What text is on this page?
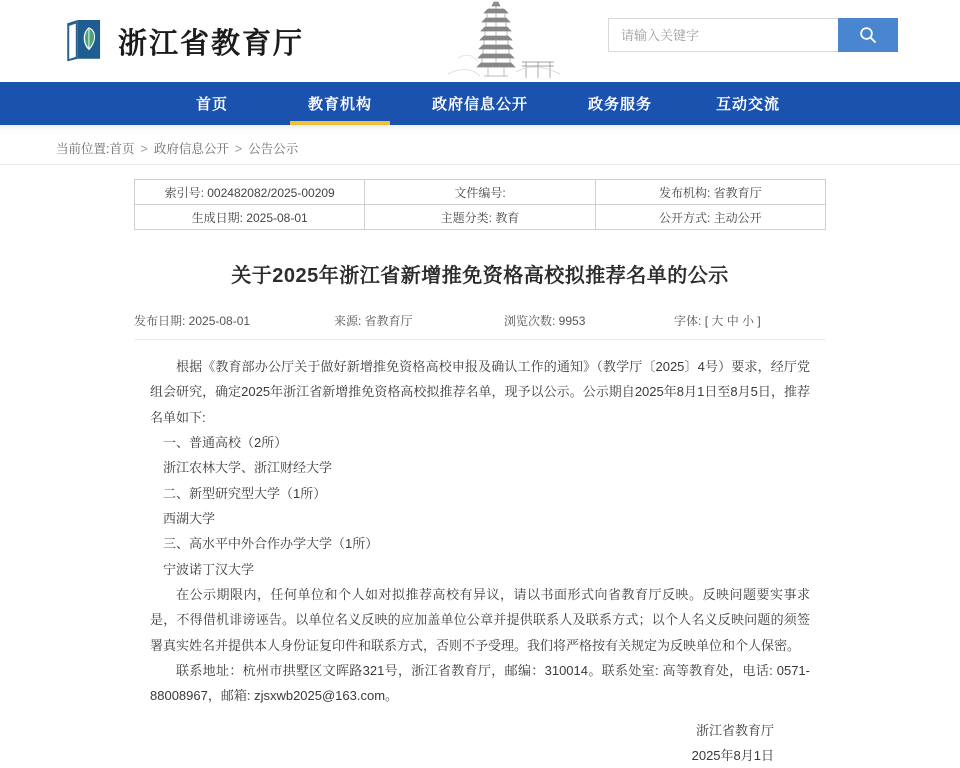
浙江省教育厅
请输入关键字
首页	教育机构	政府信息公开	政务服务	互动交流
当前位置:首页 > 政府信息公开 > 公告公示
索引号: 002482082/2025-00209	文件编号:	发布机构: 省教育厅
生成日期: 2025-08-01	主题分类: 教育	公开方式: 主动公开
关于2025年浙江省新增推免资格高校拟推荐名单的公示
发布日期: 2025-08-01	来源: 省教育厅	浏览次数: 9953	字体: [ 大 中 小 ]

根据《教育部办公厅关于做好新增推免资格高校申报及确认工作的通知》（教学厅〔2025〕4号）要求，经厅党组会研究，确定2025年浙江省新增推免资格高校拟推荐名单，现予以公示。公示期自2025年8月1日至8月5日，推荐名单如下:

一、普通高校（2所）

浙江农林大学、浙江财经大学

二、新型研究型大学（1所）

西湖大学

三、高水平中外合作办学大学（1所）

宁波诺丁汉大学

在公示期限内，任何单位和个人如对拟推荐高校有异议，请以书面形式向省教育厅反映。反映问题要实事求是，不得借机诽谤诬告。以单位名义反映的应加盖单位公章并提供联系人及联系方式；以个人名义反映问题的须签署真实姓名并提供本人身份证复印件和联系方式，否则不予受理。我们将严格按有关规定为反映单位和个人保密。

联系地址：杭州市拱墅区文晖路321号，浙江省教育厅，邮编：310014。联系处室: 高等教育处，电话: 0571-88008967，邮箱: zjsxwb2025@163.com。

浙江省教育厅
2025年8月1日
